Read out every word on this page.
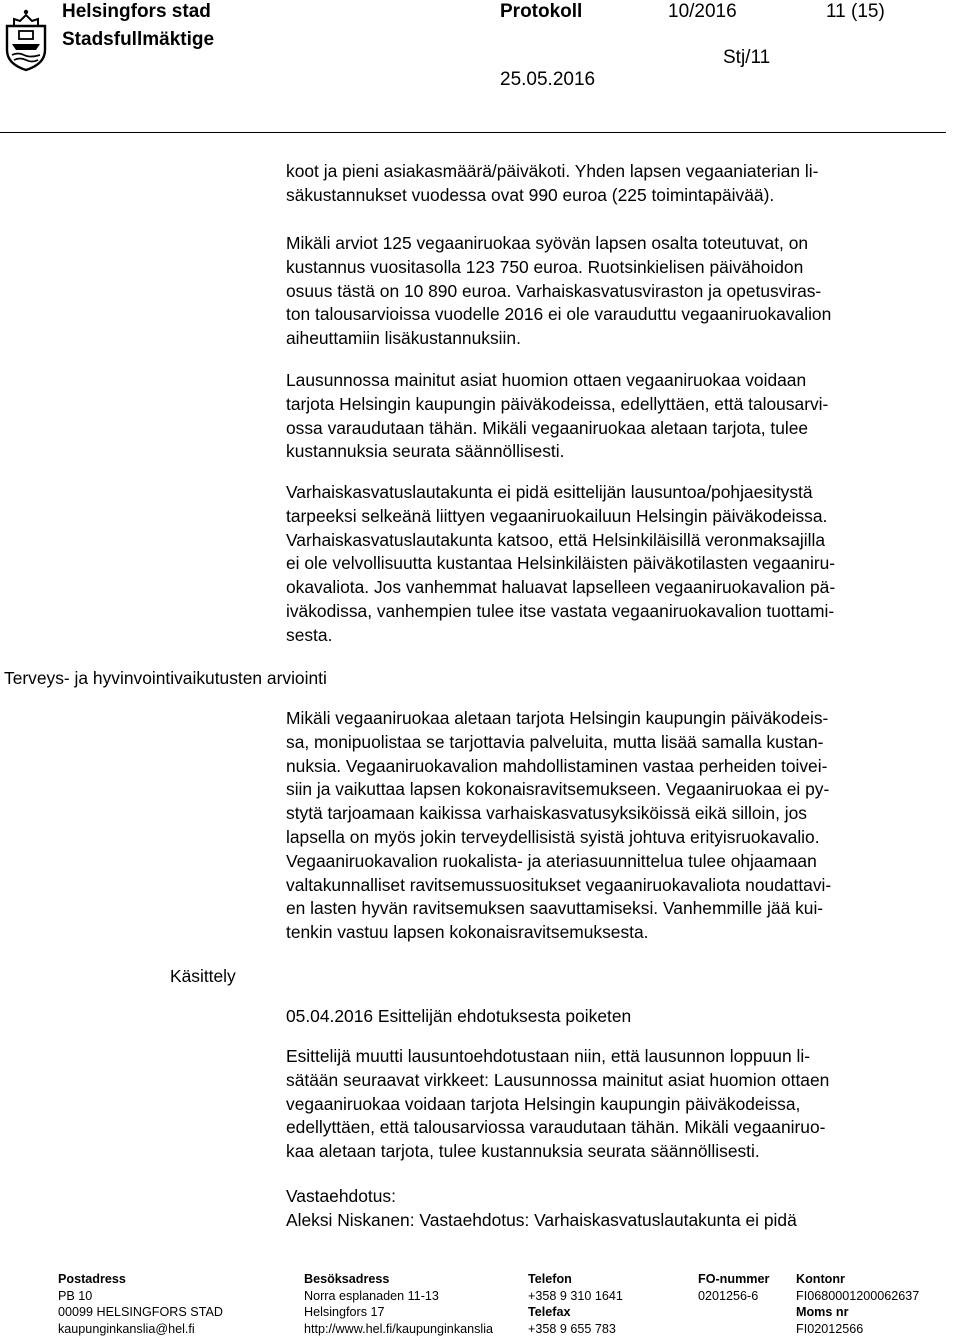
Helsingfors stad
Stadsfullmäktige
Protokoll	10/2016	11 (15)
Stj/11
25.05.2016

koot ja pieni asiakasmäärä/päiväkoti. Yhden lapsen vegaaniaterian li-
säkustannukset vuodessa ovat 990 euroa (225 toimintapäivää).

Mikäli arviot 125 vegaaniruokaa syövän lapsen osalta toteutuvat, on
kustannus vuositasolla 123 750 euroa. Ruotsinkielisen päivähoidon
osuus tästä on 10 890 euroa. Varhaiskasvatusviraston ja opetusviras-
ton talousarvioissa vuodelle 2016 ei ole varauduttu vegaaniruokavalion
aiheuttamiin lisäkustannuksiin.

Lausunnossa mainitut asiat huomion ottaen vegaaniruokaa voidaan
tarjota Helsingin kaupungin päiväkodeissa, edellyttäen, että talousarvi-
ossa varaudutaan tähän. Mikäli vegaaniruokaa aletaan tarjota, tulee
kustannuksia seurata säännöllisesti.

Varhaiskasvatuslautakunta ei pidä esittelijän lausuntoa/pohjaesitystä
tarpeeksi selkeänä liittyen vegaaniruokailuun Helsingin päiväkodeissa.
Varhaiskasvatuslautakunta katsoo, että Helsinkiläisillä veronmaksajilla
ei ole velvollisuutta kustantaa Helsinkiläisten päiväkotilasten vegaaniru-
okavaliota. Jos vanhemmat haluavat lapselleen vegaaniruokavalion pä-
iväkodissa, vanhempien tulee itse vastata vegaaniruokavalion tuottami-
sesta.

Terveys- ja hyvinvointivaikutusten arviointi

Mikäli vegaaniruokaa aletaan tarjota Helsingin kaupungin päiväkodeis-
sa, monipuolistaa se tarjottavia palveluita, mutta lisää samalla kustan-
nuksia. Vegaaniruokavalion mahdollistaminen vastaa perheiden toivei-
siin ja vaikuttaa lapsen kokonaisravitsemukseen. Vegaaniruokaa ei py-
stytä tarjoamaan kaikissa varhaiskasvatusyksiköissä eikä silloin, jos
lapsella on myös jokin terveydellisistä syistä johtuva erityisruokavalio.
Vegaaniruokavalion ruokalista- ja ateriasuunnittelua tulee ohjaamaan
valtakunnalliset ravitsemussuositukset vegaaniruokavaliota noudattavi-
en lasten hyvän ravitsemuksen saavuttamiseksi. Vanhemmille jää kui-
tenkin vastuu lapsen kokonaisravitsemuksesta.

Käsittely

05.04.2016 Esittelijän ehdotuksesta poiketen

Esittelijä muutti lausuntoehdotustaan niin, että lausunnon loppuun li-
sätään seuraavat virkkeet: Lausunnossa mainitut asiat huomion ottaen
vegaaniruokaa voidaan tarjota Helsingin kaupungin päiväkodeissa,
edellyttäen, että talousarviossa varaudutaan tähän. Mikäli vegaaniruo-
kaa aletaan tarjota, tulee kustannuksia seurata säännöllisesti.

Vastaehdotus:
Aleksi Niskanen: Vastaehdotus: Varhaiskasvatuslautakunta ei pidä

Postadress
PB 10
00099 HELSINGFORS STAD
kaupunginkanslia@hel.fi
Besöksadress
Norra esplanaden 11-13
Helsingfors 17
http://www.hel.fi/kaupunginkanslia
Telefon
+358 9 310 1641
Telefax
+358 9 655 783
FO-nummer
0201256-6
Kontonr
FI0680001200062637
Moms nr
FI02012566
